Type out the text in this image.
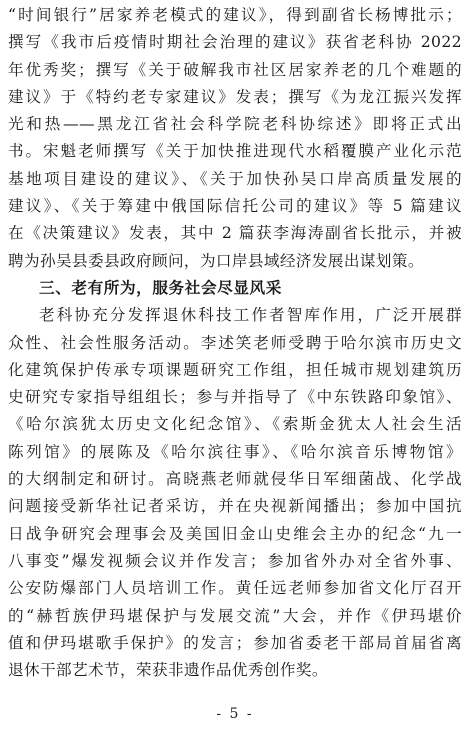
“时间银行”居家养老模式的建议》，得到副省长杨博批示；
撰写《我市后疫情时期社会治理的建议》获省老科协 2022
年优秀奖；撰写《关于破解我市社区居家养老的几个难题的
建议》于《特约老专家建议》发表；撰写《为龙江振兴发挥
光和热——黑龙江省社会科学院老科协综述》即将正式出
书。宋魁老师撰写《关于加快推进现代水稻覆膜产业化示范
基地项目建设的建议》、《关于加快孙吴口岸高质量发展的
建议》、《关于筹建中俄国际信托公司的建议》等 5 篇建议
在《决策建议》发表，其中 2 篇获李海涛副省长批示，并被
聘为孙吴县委县政府顾问，为口岸县域经济发展出谋划策。
三、老有所为，服务社会尽显风采
老科协充分发挥退休科技工作者智库作用，广泛开展群
众性、社会性服务活动。李述笑老师受聘于哈尔滨市历史文
化建筑保护传承专项课题研究工作组，担任城市规划建筑历
史研究专家指导组组长；参与并指导了《中东铁路印象馆》、
《哈尔滨犹太历史文化纪念馆》、《索斯金犹太人社会生活
陈列馆》的展陈及《哈尔滨往事》、《哈尔滨音乐博物馆》
的大纲制定和研讨。高晓燕老师就侵华日军细菌战、化学战
问题接受新华社记者采访，并在央视新闻播出；参加中国抗
日战争研究会理事会及美国旧金山史维会主办的纪念“九一
八事变”爆发视频会议并作发言；参加省外办对全省外事、
公安防爆部门人员培训工作。黄任远老师参加省文化厅召开
的“赫哲族伊玛堪保护与发展交流”大会，并作《伊玛堪价
值和伊玛堪歌手保护》的发言；参加省委老干部局首届省离
退休干部艺术节，荣获非遗作品优秀创作奖。
- 5 -
